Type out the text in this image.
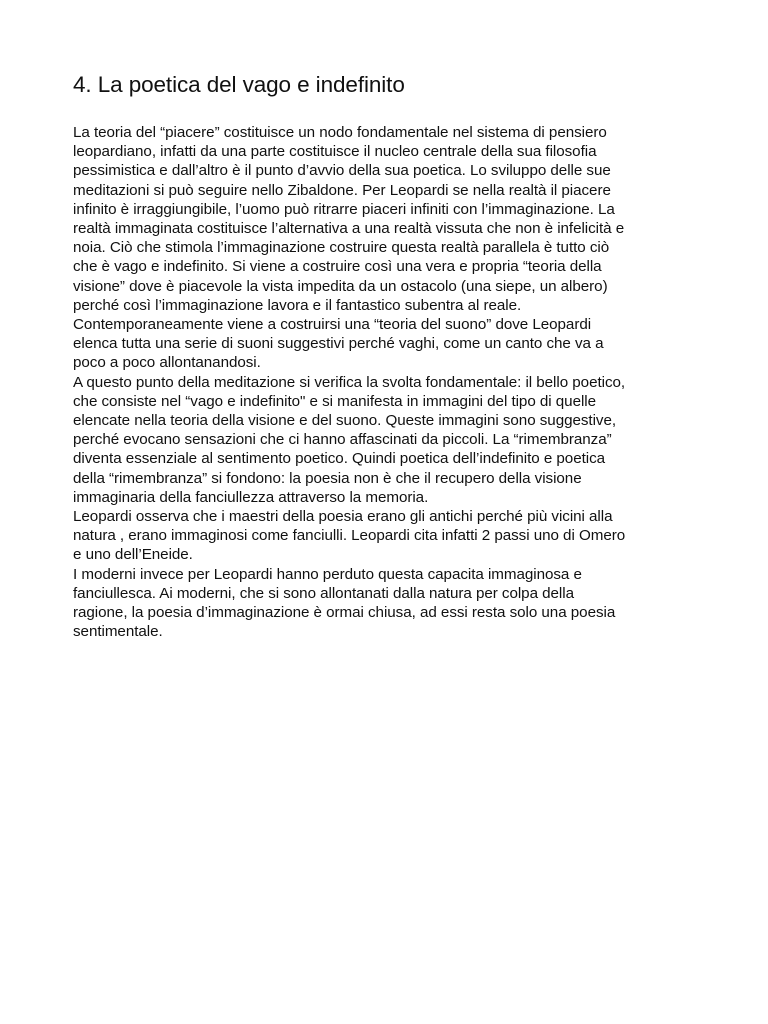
4. La poetica del vago e indefinito

La teoria del “piacere” costituisce un nodo fondamentale nel sistema di pensiero
leopardiano, infatti da una parte costituisce il nucleo centrale della sua filosofia
pessimistica e dall’altro è il punto d’avvio della sua poetica. Lo sviluppo delle sue
meditazioni si può seguire nello Zibaldone. Per Leopardi se nella realtà il piacere
infinito è irraggiungibile, l’uomo può ritrarre piaceri infiniti con l’immaginazione. La
realtà immaginata costituisce l’alternativa a una realtà vissuta che non è infelicità e
noia. Ciò che stimola l’immaginazione costruire questa realtà parallela è tutto ciò
che è vago e indefinito. Si viene a costruire così una vera e propria “teoria della
visione” dove è piacevole la vista impedita da un ostacolo (una siepe, un albero)
perché così l’immaginazione lavora e il fantastico subentra al reale.
Contemporaneamente viene a costruirsi una “teoria del suono” dove Leopardi
elenca tutta una serie di suoni suggestivi perché vaghi, come un canto che va a
poco a poco allontanandosi.

A questo punto della meditazione si verifica la svolta fondamentale: il bello poetico,
che consiste nel “vago e indefinito" e si manifesta in immagini del tipo di quelle
elencate nella teoria della visione e del suono. Queste immagini sono suggestive,
perché evocano sensazioni che ci hanno affascinati da piccoli. La “rimembranza”
diventa essenziale al sentimento poetico. Quindi poetica dell’indefinito e poetica
della “rimembranza” si fondono: la poesia non è che il recupero della visione
immaginaria della fanciullezza attraverso la memoria.

Leopardi osserva che i maestri della poesia erano gli antichi perché più vicini alla
natura , erano immaginosi come fanciulli. Leopardi cita infatti 2 passi uno di Omero
e uno dell’Eneide.

I moderni invece per Leopardi hanno perduto questa capacita immaginosa e
fanciullesca. Ai moderni, che si sono allontanati dalla natura per colpa della
ragione, la poesia d’immaginazione è ormai chiusa, ad essi resta solo una poesia
sentimentale.
